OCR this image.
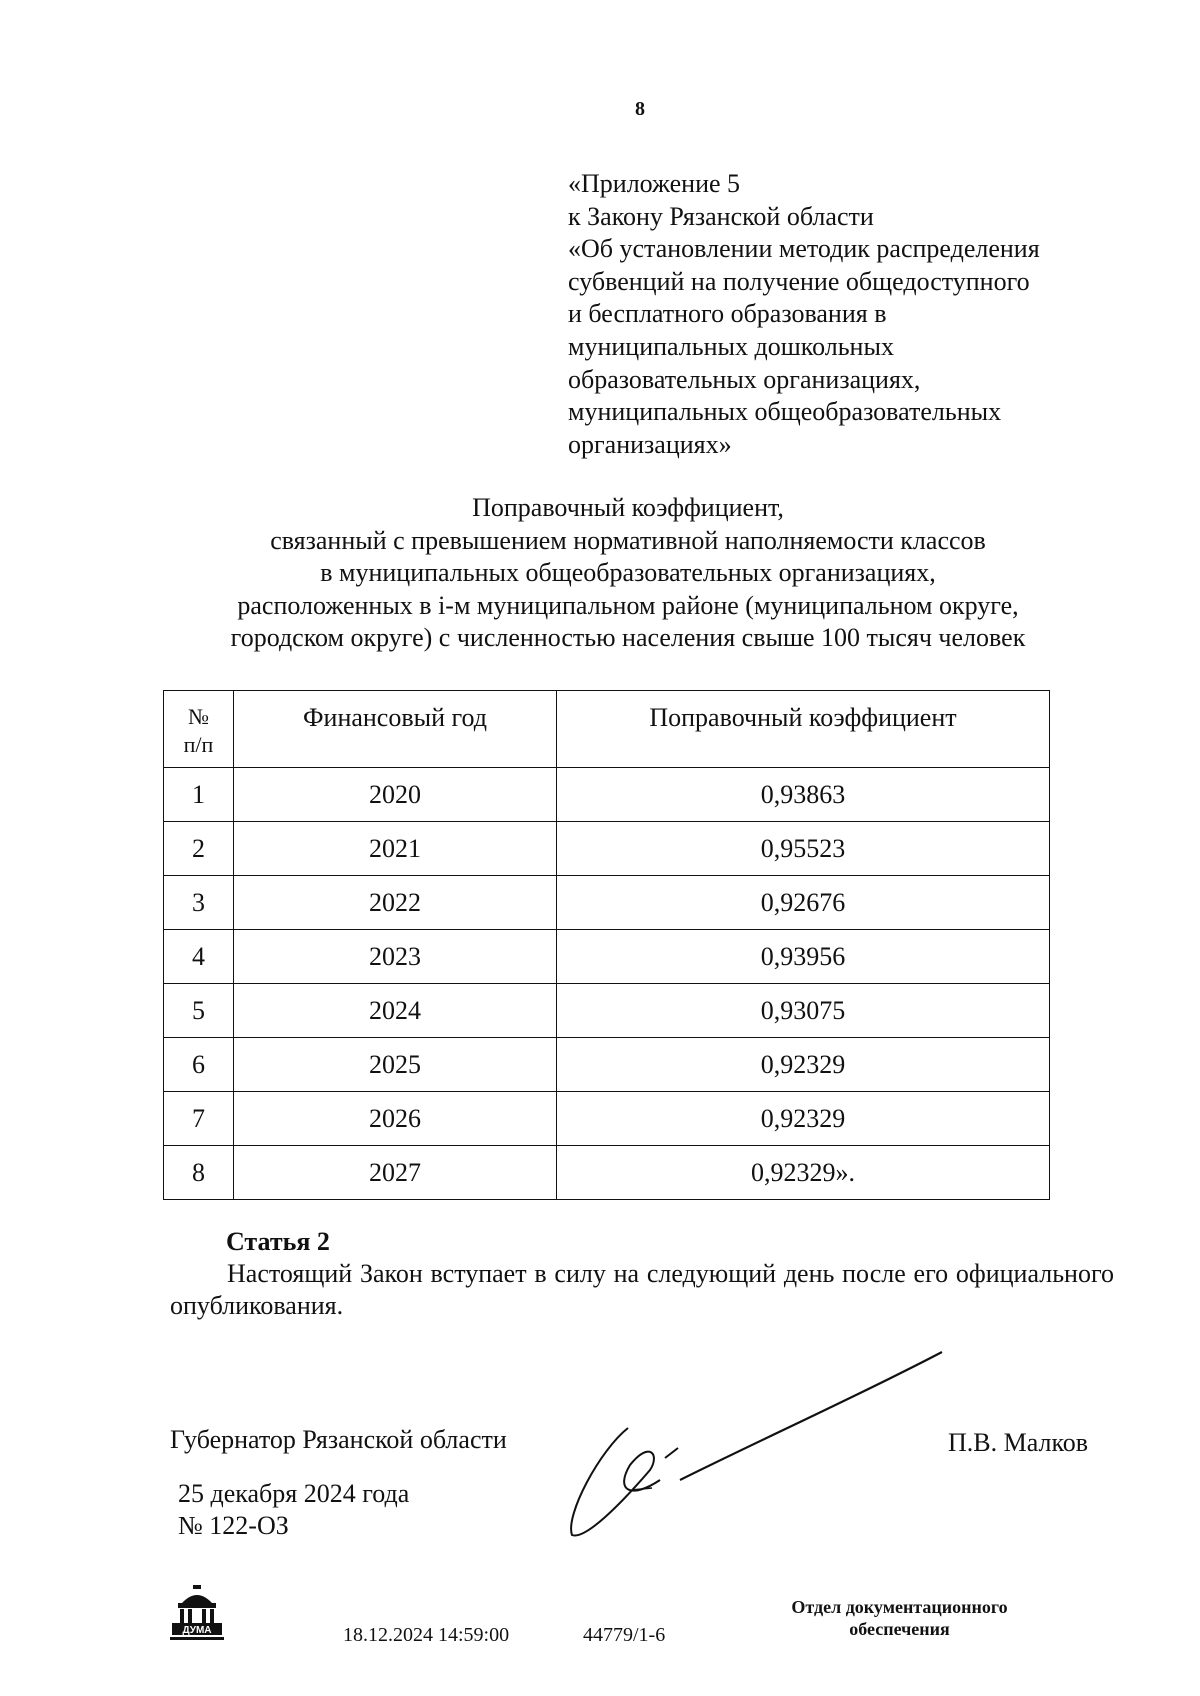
8
«Приложение 5
к Закону Рязанской области
«Об установлении методик распределения
субвенций на получение общедоступного
и бесплатного образования в
муниципальных дошкольных
образовательных организациях,
муниципальных общеобразовательных
организациях»
Поправочный коэффициент,
связанный с превышением нормативной наполняемости классов
в муниципальных общеобразовательных организациях,
расположенных в i-м муниципальном районе (муниципальном округе,
городском округе) с численностью населения свыше 100 тысяч человек
№
п/п	Финансовый год	Поправочный коэффициент
1	2020	0,93863
2	2021	0,95523
3	2022	0,92676
4	2023	0,93956
5	2024	0,93075
6	2025	0,92329
7	2026	0,92329
8	2027	0,92329».
Статья 2
Настоящий Закон вступает в силу на следующий день после его официального опубликования.
Губернатор Рязанской области	П.В. Малков
25 декабря 2024 года
№ 122-ОЗ
ДУМА	18.12.2024 14:59:00	44779/1-6
Отдел документационного
обеспечения
